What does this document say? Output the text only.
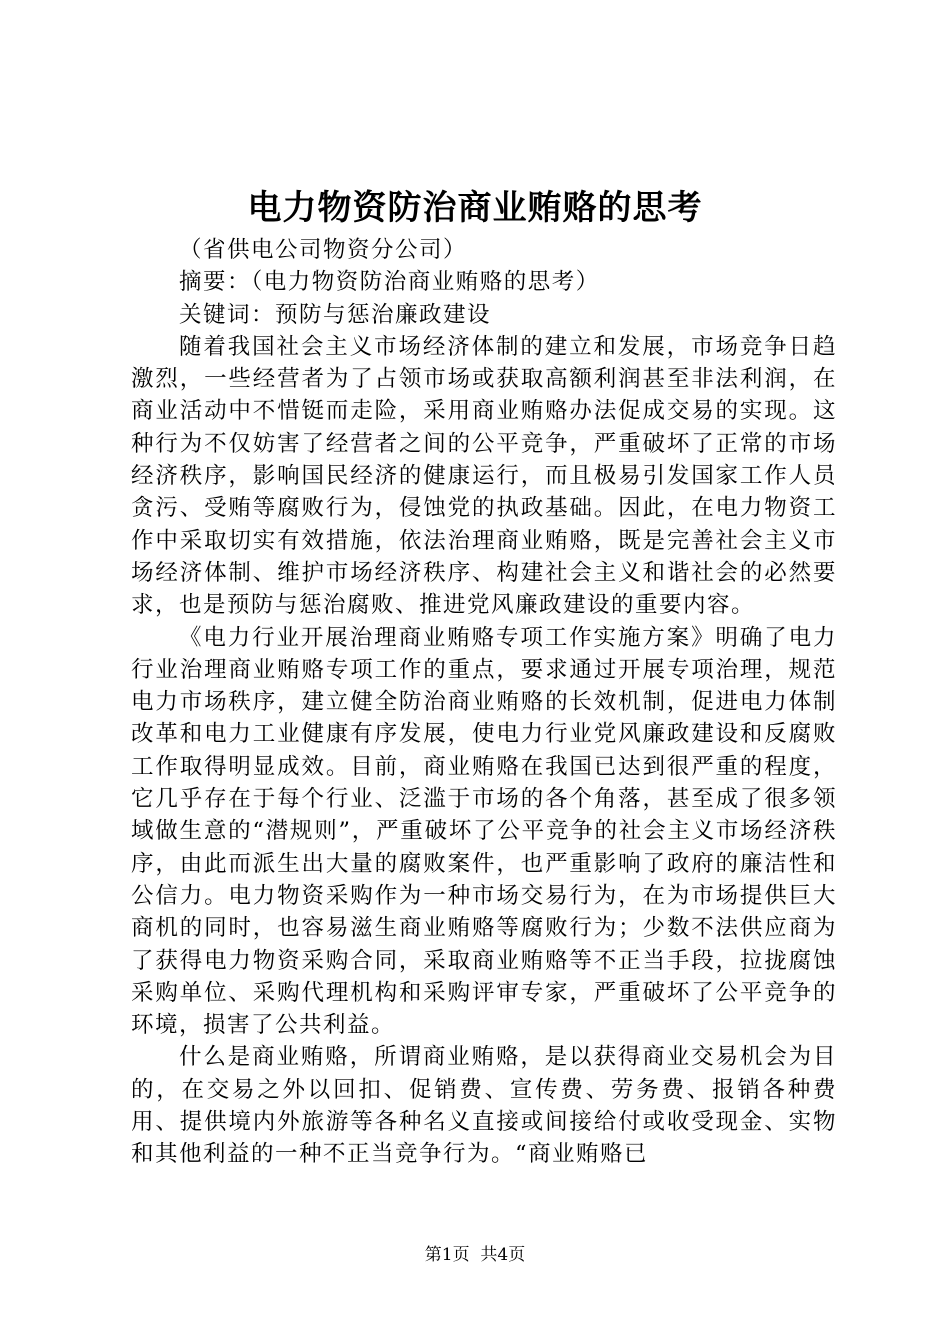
电力物资防治商业贿赂的思考

（省供电公司物资分公司）

摘要：（电力物资防治商业贿赂的思考）

关键词：预防与惩治廉政建设

随着我国社会主义市场经济体制的建立和发展，市场竞争日趋激烈，一些经营者为了占领市场或获取高额利润甚至非法利润，在商业活动中不惜铤而走险，采用商业贿赂办法促成交易的实现。这种行为不仅妨害了经营者之间的公平竞争，严重破坏了正常的市场经济秩序，影响国民经济的健康运行，而且极易引发国家工作人员贪污、受贿等腐败行为，侵蚀党的执政基础。因此，在电力物资工作中采取切实有效措施，依法治理商业贿赂，既是完善社会主义市场经济体制、维护市场经济秩序、构建社会主义和谐社会的必然要求，也是预防与惩治腐败、推进党风廉政建设的重要内容。

《电力行业开展治理商业贿赂专项工作实施方案》明确了电力行业治理商业贿赂专项工作的重点，要求通过开展专项治理，规范电力市场秩序，建立健全防治商业贿赂的长效机制，促进电力体制改革和电力工业健康有序发展，使电力行业党风廉政建设和反腐败工作取得明显成效。目前，商业贿赂在我国已达到很严重的程度，它几乎存在于每个行业、泛滥于市场的各个角落，甚至成了很多领域做生意的“潜规则”，严重破坏了公平竞争的社会主义市场经济秩序，由此而派生出大量的腐败案件，也严重影响了政府的廉洁性和公信力。电力物资采购作为一种市场交易行为，在为市场提供巨大商机的同时，也容易滋生商业贿赂等腐败行为；少数不法供应商为了获得电力物资采购合同，采取商业贿赂等不正当手段，拉拢腐蚀采购单位、采购代理机构和采购评审专家，严重破坏了公平竞争的环境，损害了公共利益。

什么是商业贿赂，所谓商业贿赂，是以获得商业交易机会为目的，在交易之外以回扣、促销费、宣传费、劳务费、报销各种费用、提供境内外旅游等各种名义直接或间接给付或收受现金、实物和其他利益的一种不正当竞争行为。“商业贿赂已

第1页 共4页
